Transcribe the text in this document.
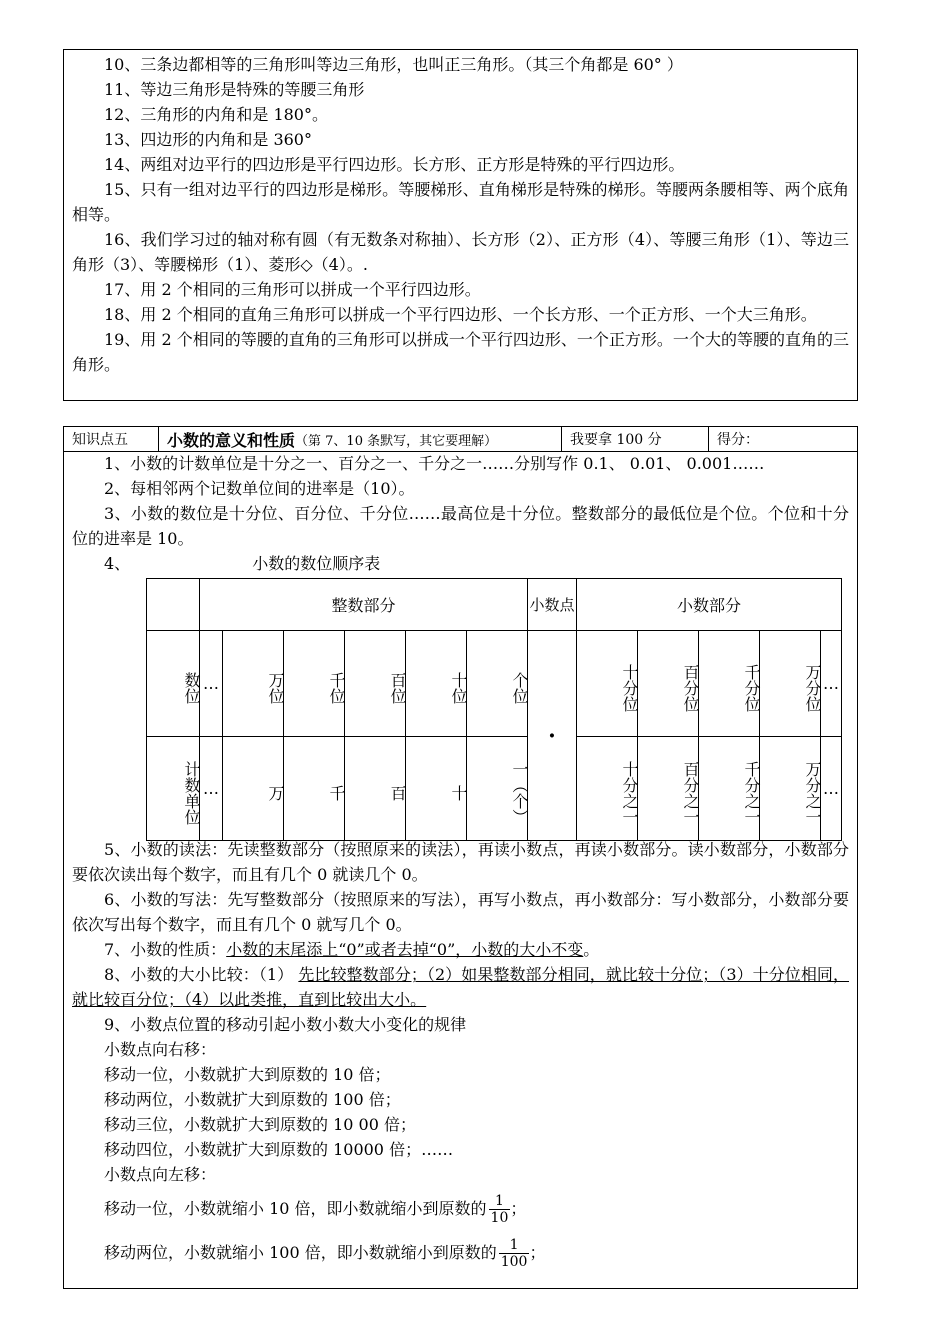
10、三条边都相等的三角形叫等边三角形，也叫正三角形。（其三个角都是 60° ）

11、等边三角形是特殊的等腰三角形

12、三角形的内角和是 180°。

13、四边形的内角和是 360°

14、两组对边平行的四边形是平行四边形。长方形、正方形是特殊的平行四边形。

15、只有一组对边平行的四边形是梯形。等腰梯形、直角梯形是特殊的梯形。等腰两条腰相等、两个底角相等。

16、我们学习过的轴对称有圆（有无数条对称抽）、长方形（2）、正方形（4）、等腰三角形（1）、等边三角形（3）、等腰梯形（1）、菱形◇（4）。.

17、用 2 个相同的三角形可以拼成一个平行四边形。

18、用 2 个相同的直角三角形可以拼成一个平行四边形、一个长方形、一个正方形、一个大三角形。

19、用 2 个相同的等腰的直角的三角形可以拼成一个平行四边形、一个正方形。一个大的等腰的直角的三角形。

知识点五	小数的意义和性质 （第 7、10 条默写，其它要理解）	我要拿 100 分	得分：

1、小数的计数单位是十分之一、百分之一、千分之一……分别写作 0.1、 0.01、 0.001……

2、每相邻两个记数单位间的进率是（10）。

3、小数的数位是十分位、百分位、千分位……最高位是十分位。整数部分的最低位是个位。个位和十分位的进率是 10。

4、	小数的数位顺序表

5、小数的读法：先读整数部分（按照原来的读法），再读小数点，再读小数部分。读小数部分，小数部分要依次读出每个数字，而且有几个 0 就读几个 0。

6、小数的写法：先写整数部分（按照原来的写法），再写小数点，再小数部分：写小数部分，小数部分要依次写出每个数字，而且有几个 0 就写几个 0。

7、小数的性质：小数的末尾添上“0”或者去掉“0”，小数的大小不变。

8、小数的大小比较：（1） 先比较整数部分；（2）如果整数部分相同，就比较十分位；（3）十分位相同，就比较百分位；（4）以此类推，直到比较出大小。

9、小数点位置的移动引起小数小数大小变化的规律

小数点向右移：

移动一位，小数就扩大到原数的 10 倍；

移动两位，小数就扩大到原数的 100 倍；

移动三位，小数就扩大到原数的 10 00 倍；

移动四位，小数就扩大到原数的 10000 倍；……

小数点向左移：

移动一位，小数就缩小 10 倍，即小数就缩小到原数的 $\frac{1}{10}$ ；

移动两位，小数就缩小 100 倍，即小数就缩小到原数的 $\frac{1}{100}$ ；

	整数部分						小数点	小数部分				
数位	…	万位	千位	百位	十位	个位	·	十分位	百分位	千分位	万分位	…
计数单位	…	万	千	百	十	一（个）		十分之一	百分之一	千分之一	万分之一	…
